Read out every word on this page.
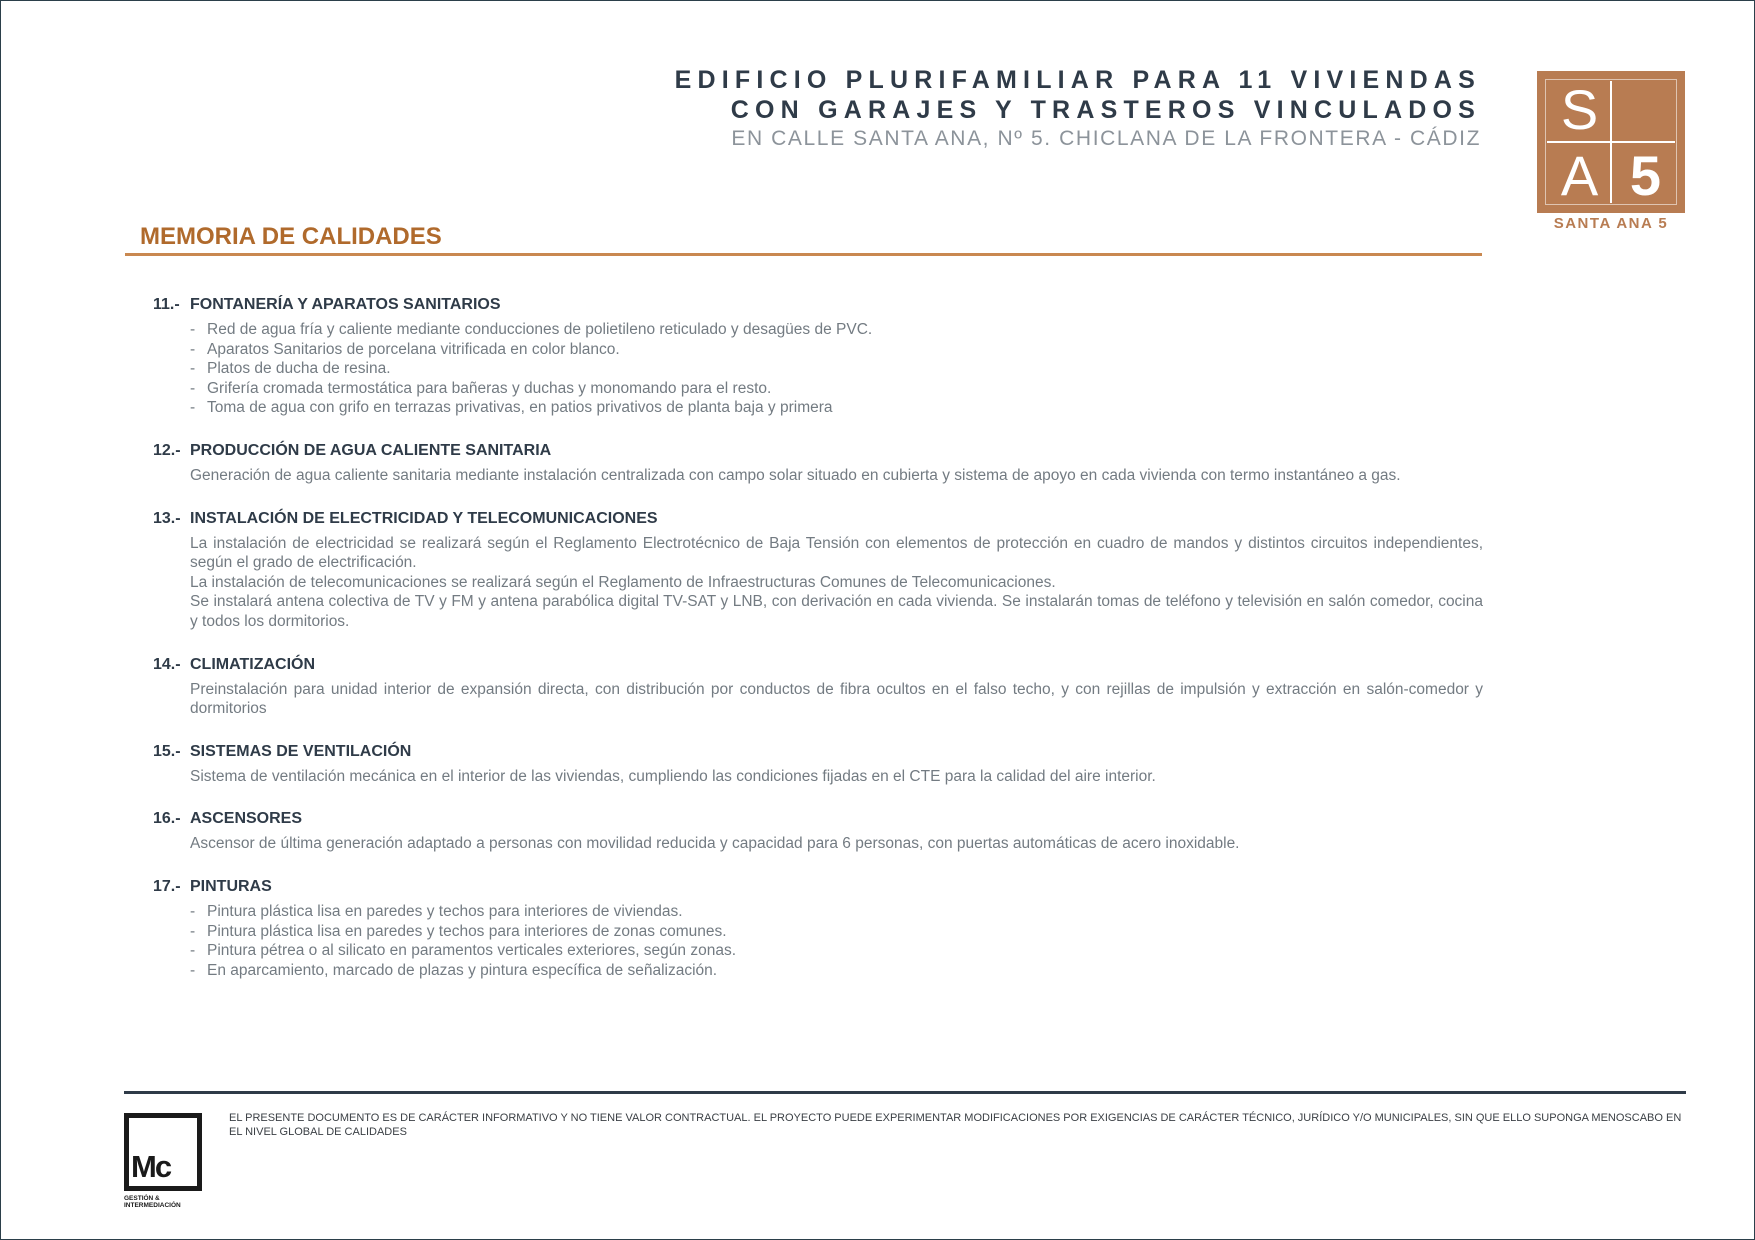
EDIFICIO PLURIFAMILIAR PARA 11 VIVIENDAS
CON GARAJES Y TRASTEROS VINCULADOS
EN CALLE SANTA ANA, Nº 5. CHICLANA DE LA FRONTERA - CÁDIZ S
A 5
SANTA ANA 5
MEMORIA DE CALIDADES
11.- FONTANERÍA Y APARATOS SANITARIOS
- Red de agua fría y caliente mediante conducciones de polietileno reticulado y desagües de PVC.
- Aparatos Sanitarios de porcelana vitrificada en color blanco.
- Platos de ducha de resina.
- Grifería cromada termostática para bañeras y duchas y monomando para el resto.
- Toma de agua con grifo en terrazas privativas, en patios privativos de planta baja y primera
12.- PRODUCCIÓN DE AGUA CALIENTE SANITARIA

Generación de agua caliente sanitaria mediante instalación centralizada con campo solar situado en cubierta y sistema de apoyo en cada vivienda con termo instantáneo a gas.

13.- INSTALACIÓN DE ELECTRICIDAD Y TELECOMUNICACIONES

La instalación de electricidad se realizará según el Reglamento Electrotécnico de Baja Tensión con elementos de protección en cuadro de mandos y distintos circuitos independientes, según el grado de electrificación.

La instalación de telecomunicaciones se realizará según el Reglamento de Infraestructuras Comunes de Telecomunicaciones.

Se instalará antena colectiva de TV y FM y antena parabólica digital TV-SAT y LNB, con derivación en cada vivienda. Se instalarán tomas de teléfono y televisión en salón comedor, cocina y todos los dormitorios.

14.- CLIMATIZACIÓN

Preinstalación para unidad interior de expansión directa, con distribución por conductos de fibra ocultos en el falso techo, y con rejillas de impulsión y extracción en salón-comedor y dormitorios

15.- SISTEMAS DE VENTILACIÓN

Sistema de ventilación mecánica en el interior de las viviendas, cumpliendo las condiciones fijadas en el CTE para la calidad del aire interior.

16.- ASCENSORES

Ascensor de última generación adaptado a personas con movilidad reducida y capacidad para 6 personas, con puertas automáticas de acero inoxidable.

17.- PINTURAS
- Pintura plástica lisa en paredes y techos para interiores de viviendas.
- Pintura plástica lisa en paredes y techos para interiores de zonas comunes.
- Pintura pétrea o al silicato en paramentos verticales exteriores, según zonas.
- En aparcamiento, marcado de plazas y pintura específica de señalización.
Mc
GESTIÓN & INTERMEDIACIÓN
EL PRESENTE DOCUMENTO ES DE CARÁCTER INFORMATIVO Y NO TIENE VALOR CONTRACTUAL. EL PROYECTO PUEDE EXPERIMENTAR MODIFICACIONES POR EXIGENCIAS DE CARÁCTER TÉCNICO, JURÍDICO Y/O MUNICIPALES, SIN QUE ELLO SUPONGA MENOSCABO EN EL NIVEL GLOBAL DE CALIDADES
